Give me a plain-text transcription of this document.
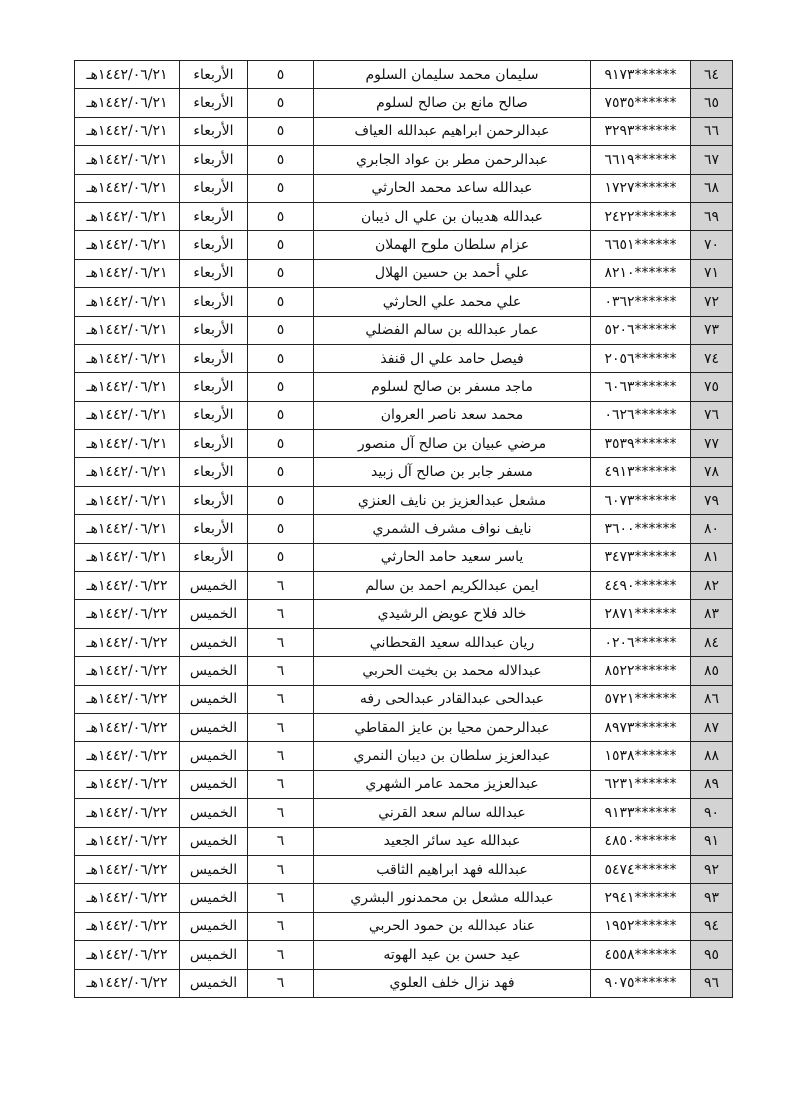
٦٤	******٩١٧٣	سليمان محمد سليمان السلوم	٥	الأربعاء	١٤٤٢/٠٦/٢١هـ
٦٥	******٧٥٣٥	صالح مانع بن صالح لسلوم	٥	الأربعاء	١٤٤٢/٠٦/٢١هـ
٦٦	******٣٢٩٣	عبدالرحمن ابراهيم عبدالله العياف	٥	الأربعاء	١٤٤٢/٠٦/٢١هـ
٦٧	******٦٦١٩	عبدالرحمن مطر بن عواد الجابري	٥	الأربعاء	١٤٤٢/٠٦/٢١هـ
٦٨	******١٧٢٧	عبدالله ساعد محمد الحارثي	٥	الأربعاء	١٤٤٢/٠٦/٢١هـ
٦٩	******٢٤٢٢	عبدالله هديبان بن علي ال ذيبان	٥	الأربعاء	١٤٤٢/٠٦/٢١هـ
٧٠	******٦٦٥١	عزام سلطان ملوح الهملان	٥	الأربعاء	١٤٤٢/٠٦/٢١هـ
٧١	******٨٢١٠	علي أحمد بن حسين الهلال	٥	الأربعاء	١٤٤٢/٠٦/٢١هـ
٧٢	******٠٣٦٢	علي محمد علي الحارثي	٥	الأربعاء	١٤٤٢/٠٦/٢١هـ
٧٣	******٥٢٠٦	عمار عبدالله بن سالم الفضلي	٥	الأربعاء	١٤٤٢/٠٦/٢١هـ
٧٤	******٢٠٥٦	فيصل حامد علي ال قنفذ	٥	الأربعاء	١٤٤٢/٠٦/٢١هـ
٧٥	******٦٠٦٣	ماجد مسفر بن صالح لسلوم	٥	الأربعاء	١٤٤٢/٠٦/٢١هـ
٧٦	******٠٦٢٦	محمد سعد ناصر العروان	٥	الأربعاء	١٤٤٢/٠٦/٢١هـ
٧٧	******٣٥٣٩	مرضي عبيان بن صالح آل منصور	٥	الأربعاء	١٤٤٢/٠٦/٢١هـ
٧٨	******٤٩١٣	مسفر جابر بن صالح آل زبيد	٥	الأربعاء	١٤٤٢/٠٦/٢١هـ
٧٩	******٦٠٧٣	مشعل عبدالعزيز بن نايف العنزي	٥	الأربعاء	١٤٤٢/٠٦/٢١هـ
٨٠	******٣٦٠٠	نايف نواف مشرف الشمري	٥	الأربعاء	١٤٤٢/٠٦/٢١هـ
٨١	******٣٤٧٣	ياسر سعيد حامد الحارثي	٥	الأربعاء	١٤٤٢/٠٦/٢١هـ
٨٢	******٤٤٩٠	ايمن عبدالكريم احمد بن سالم	٦	الخميس	١٤٤٢/٠٦/٢٢هـ
٨٣	******٢٨٧١	خالد فلاح عويض الرشيدي	٦	الخميس	١٤٤٢/٠٦/٢٢هـ
٨٤	******٠٢٠٦	ريان عبدالله سعيد القحطاني	٦	الخميس	١٤٤٢/٠٦/٢٢هـ
٨٥	******٨٥٢٢	عبدالاله محمد بن بخيت الحربي	٦	الخميس	١٤٤٢/٠٦/٢٢هـ
٨٦	******٥٧٢١	عبدالحى عبدالقادر عبدالحى رفه	٦	الخميس	١٤٤٢/٠٦/٢٢هـ
٨٧	******٨٩٧٣	عبدالرحمن محيا بن عايز المقاطي	٦	الخميس	١٤٤٢/٠٦/٢٢هـ
٨٨	******١٥٣٨	عبدالعزيز سلطان بن ديبان النمري	٦	الخميس	١٤٤٢/٠٦/٢٢هـ
٨٩	******٦٢٣١	عبدالعزيز محمد عامر الشهري	٦	الخميس	١٤٤٢/٠٦/٢٢هـ
٩٠	******٩١٣٣	عبدالله سالم سعد القرني	٦	الخميس	١٤٤٢/٠٦/٢٢هـ
٩١	******٤٨٥٠	عبدالله عيد سائر الجعيد	٦	الخميس	١٤٤٢/٠٦/٢٢هـ
٩٢	******٥٤٧٤	عبدالله فهد ابراهيم الثاقب	٦	الخميس	١٤٤٢/٠٦/٢٢هـ
٩٣	******٢٩٤١	عبدالله مشعل بن محمدنور البشري	٦	الخميس	١٤٤٢/٠٦/٢٢هـ
٩٤	******١٩٥٢	عناد عبدالله بن حمود الحربي	٦	الخميس	١٤٤٢/٠٦/٢٢هـ
٩٥	******٤٥٥٨	عيد حسن بن عيد الهوته	٦	الخميس	١٤٤٢/٠٦/٢٢هـ
٩٦	******٩٠٧٥	فهد نزال خلف العلوي	٦	الخميس	١٤٤٢/٠٦/٢٢هـ
